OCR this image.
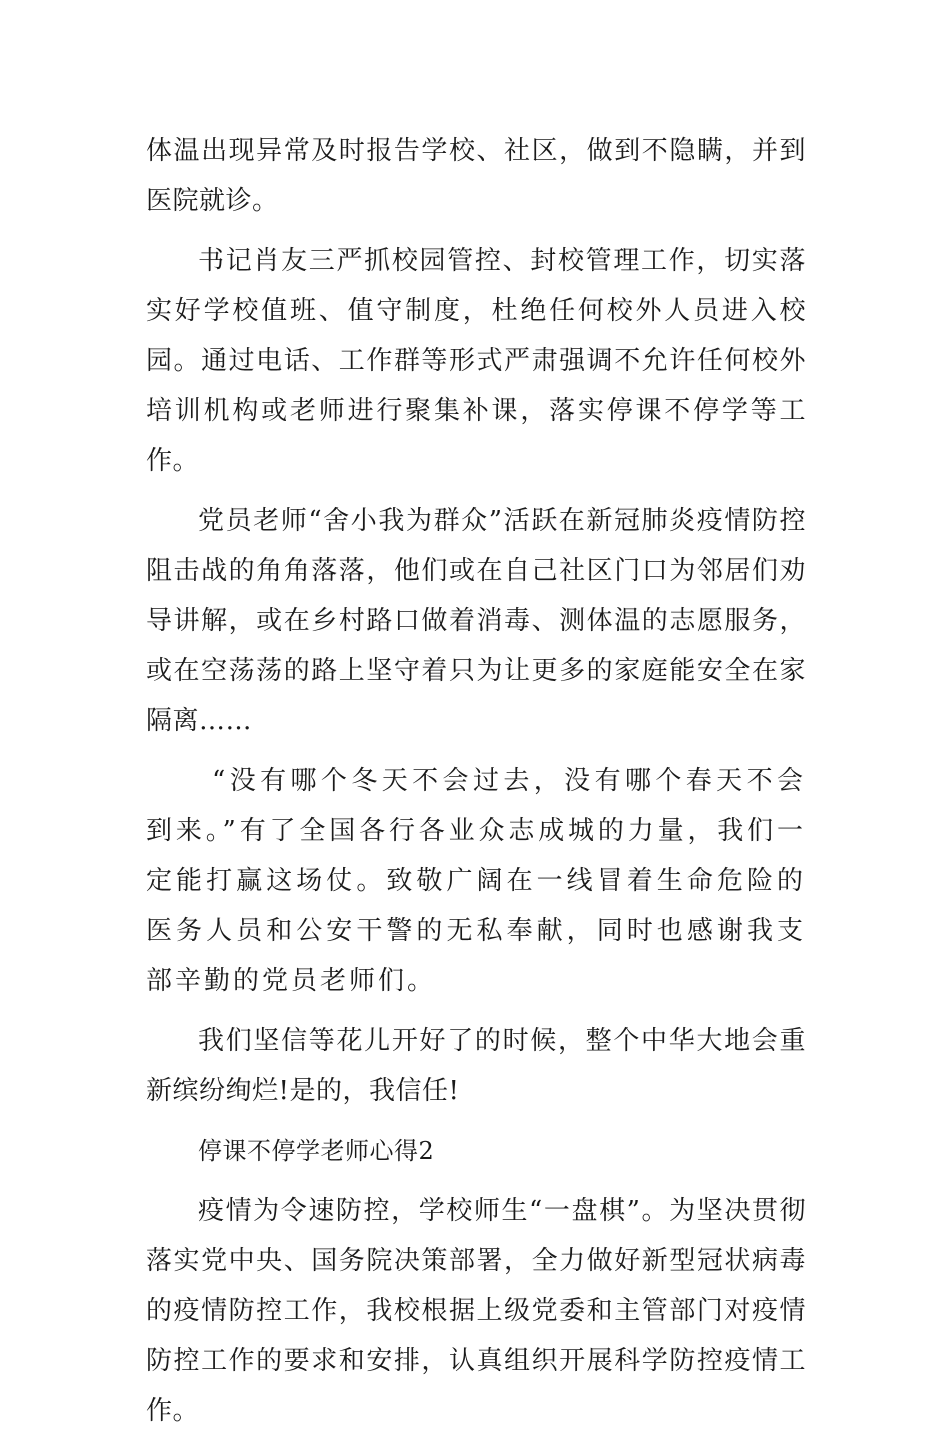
体温出现异常及时报告学校、社区，做到不隐瞒，并到医院就诊。

书记肖友三严抓校园管控、封校管理工作，切实落实好学校值班、值守制度，杜绝任何校外人员进入校园。通过电话、工作群等形式严肃强调不允许任何校外培训机构或老师进行聚集补课，落实停课不停学等工作。

党员老师“舍小我为群众”活跃在新冠肺炎疫情防控阻击战的角角落落，他们或在自己社区门口为邻居们劝导讲解，或在乡村路口做着消毒、测体温的志愿服务，或在空荡荡的路上坚守着只为让更多的家庭能安全在家隔离……

“没有哪个冬天不会过去，没有哪个春天不会到来。”有了全国各行各业众志成城的力量，我们一定能打赢这场仗。致敬广阔在一线冒着生命危险的医务人员和公安干警的无私奉献，同时也感谢我支部辛勤的党员老师们。

我们坚信等花儿开好了的时候，整个中华大地会重新缤纷绚烂!是的，我信任!

停课不停学老师心得2

疫情为令速防控，学校师生“一盘棋”。为坚决贯彻落实党中央、国务院决策部署，全力做好新型冠状病毒的疫情防控工作，我校根据上级党委和主管部门对疫情防控工作的要求和安排，认真组织开展科学防控疫情工作。
